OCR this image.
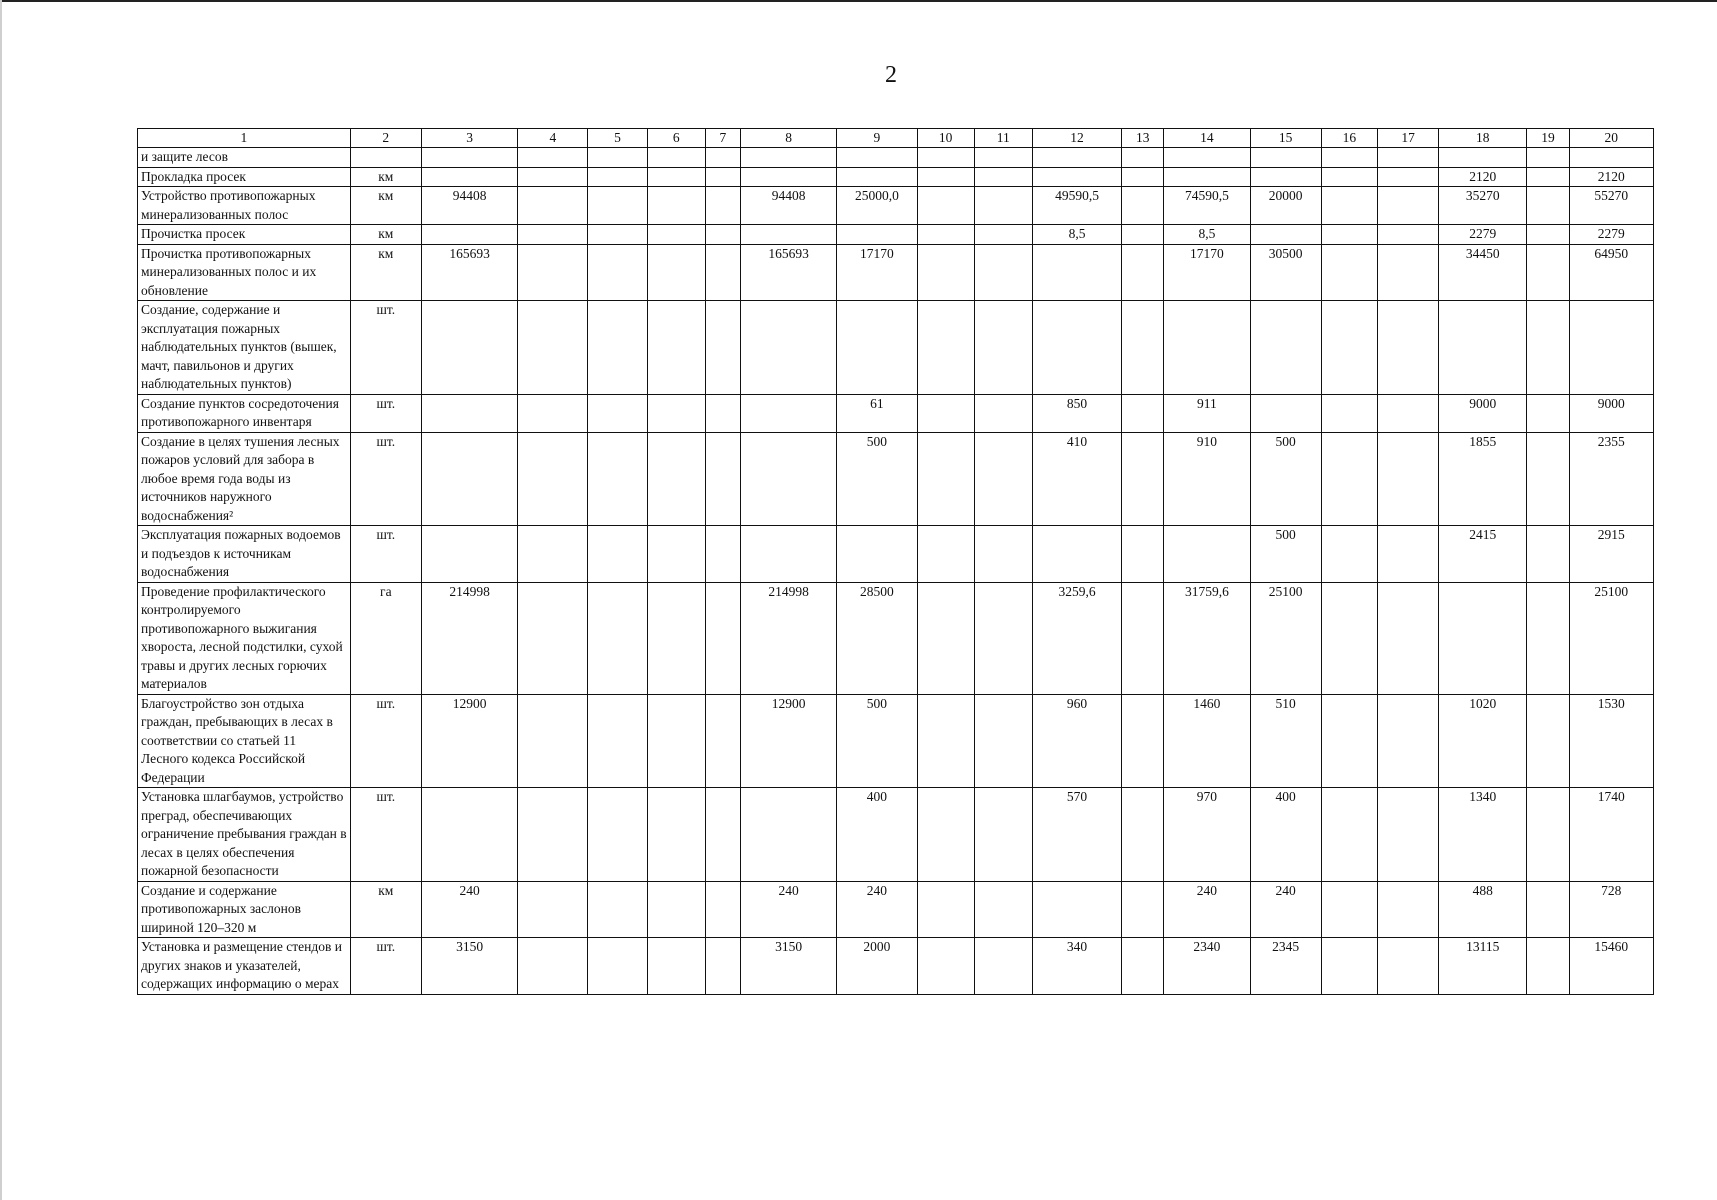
2
1	2	3	4	5	6	7	8	9	10	11	12	13	14	15	16	17	18	19	20
и защите лесов																			
Прокладка просек	км																2120		2120
Устройство противопожарных минерализованных полос	км	94408					94408	25000,0			49590,5		74590,5	20000			35270		55270
Прочистка просек	км										8,5		8,5				2279		2279
Прочистка противопожарных минерализованных полос и их обновление	км	165693					165693	17170					17170	30500			34450		64950
Создание, содержание и эксплуатация пожарных наблюдательных пунктов (вышек, мачт, павильонов и других наблюдательных пунктов)	шт.																		
Создание пунктов сосредоточения противопожарного инвентаря	шт.							61			850		911				9000		9000
Создание в целях тушения лесных пожаров условий для забора в любое время года воды из источников наружного водоснабжения²	шт.							500			410		910	500			1855		2355
Эксплуатация пожарных водоемов и подъездов к источникам водоснабжения	шт.													500			2415		2915
Проведение профилактического контролируемого противопожарного выжигания хвороста, лесной подстилки, сухой травы и других лесных горючих материалов	га	214998					214998	28500			3259,6		31759,6	25100					25100
Благоустройство зон отдыха граждан, пребывающих в лесах в соответствии со статьей 11 Лесного кодекса Российской Федерации	шт.	12900					12900	500			960		1460	510			1020		1530
Установка шлагбаумов, устройство преград, обеспечивающих ограничение пребывания граждан в лесах в целях обеспечения пожарной безопасности	шт.							400			570		970	400			1340		1740
Создание и содержание противопожарных заслонов шириной 120–320 м	км	240					240	240					240	240			488		728
Установка и размещение стендов и других знаков и указателей, содержащих информацию о мерах	шт.	3150					3150	2000			340		2340	2345			13115		15460
